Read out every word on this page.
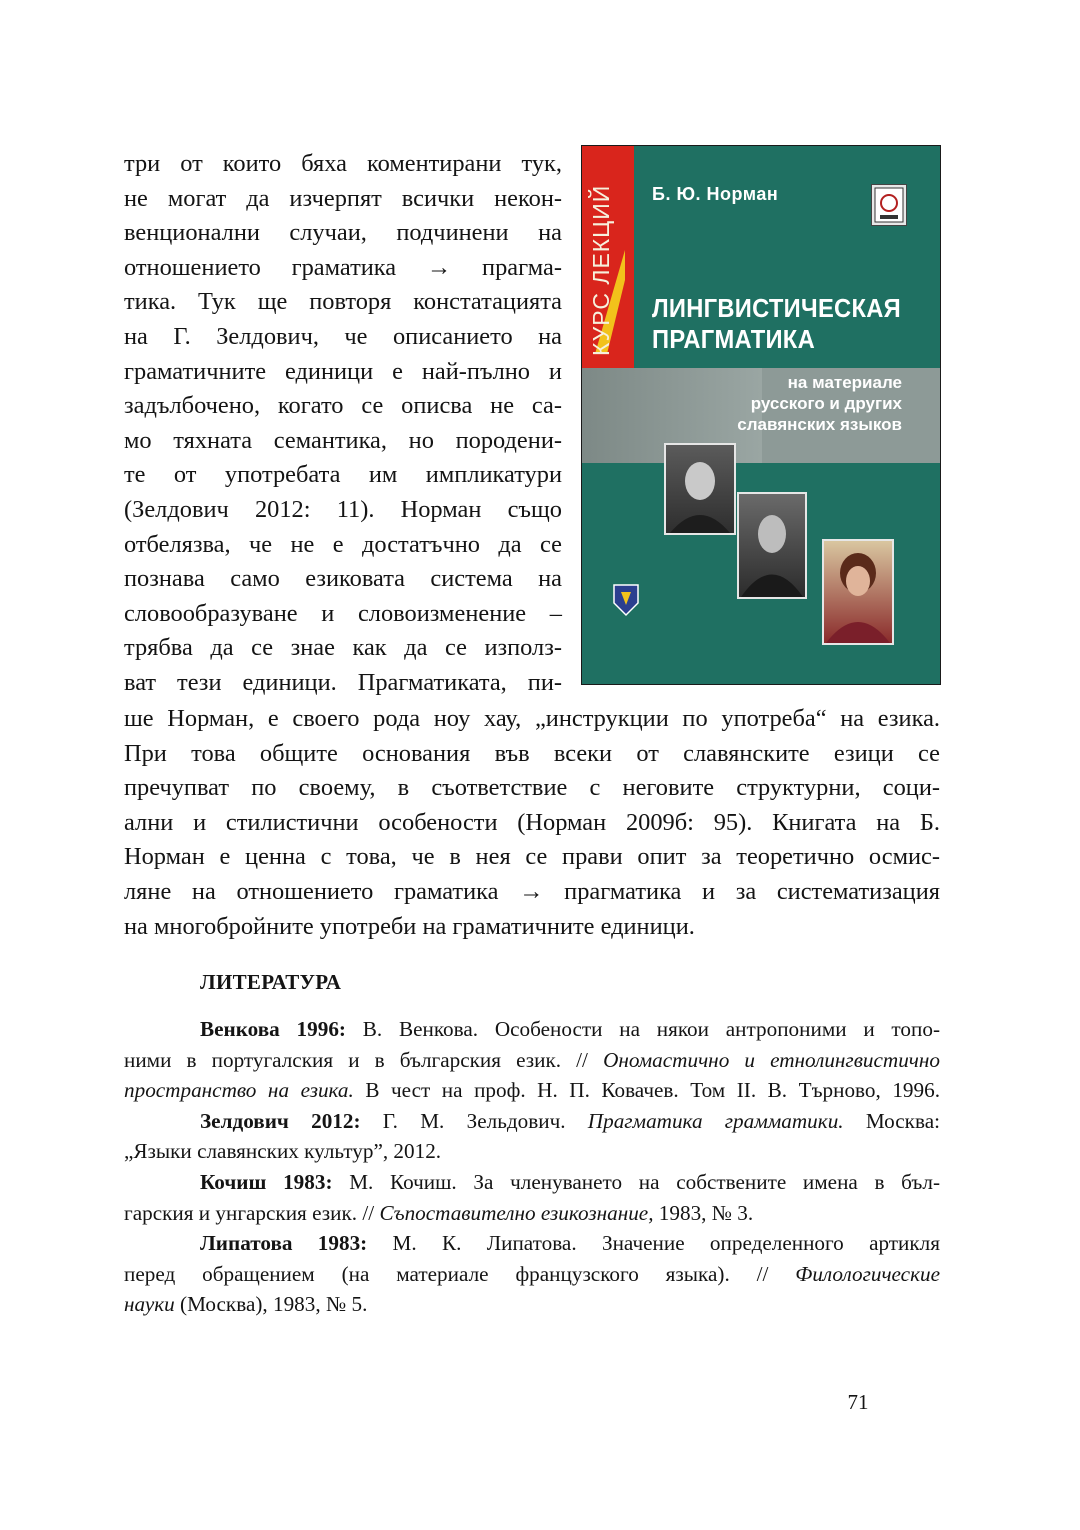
три от които бяха коментирани тук,
не могат да изчерпят всички некон-
венционални случаи, подчинени на
отношението граматика → прагма-
тика. Тук ще повторя констатацията
на Г. Зелдович, че описанието на
граматичните единици е най-пълно и
задълбочено, когато се описва не са-
мо тяхната семантика, но породени-
те от употребата им импликатури
(Зелдович 2012: 11). Норман също
отбелязва, че не е достатъчно да се
познава само езиковата система на
словообразуване и словоизменение –
трябва да се знае как да се използ-
ват тези единици. Прагматиката, пи-
КУРС ЛЕКЦИЙ Б. Ю. Норман
ЛИНГВИСТИЧЕСКАЯ
ПРАГМАТИКА
на материале
русского и других
славянских языков
ше Норман, е своего рода ноу хау, „инструкции по употреба“ на езика.
При това общите основания във всеки от славянските езици се
пречупват по своему, в съответствие с неговите структурни, соци-
ални и стилистични особености (Норман 2009б: 95). Книгата на Б.
Норман е ценна с това, че в нея се прави опит за теоретично осмис-
ляне на отношението граматика → прагматика и за систематизация
на многобройните употреби на граматичните единици.
ЛИТЕРАТУРА
Венкова 1996: В. Венкова. Особености на някои антропоними и топо-
ними в португалския и в българския език. // Ономастично и етнолингвистично
пространство на езика. В чест на проф. Н. П. Ковачев. Том II. В. Търново, 1996.
Зелдович 2012: Г. М. Зельдович. Прагматика грамматики. Москва:
„Языки славянских культур”, 2012.
Кочиш 1983: М. Кочиш. За членуването на собствените имена в бъл-
гарския и унгарския език. // Съпоставително езикознание, 1983, № 3.
Липатова 1983: М. К. Липатова. Значение определенного артикля
перед обращением (на материале французского языка). // Филологические
науки (Москва), 1983, № 5.
71
